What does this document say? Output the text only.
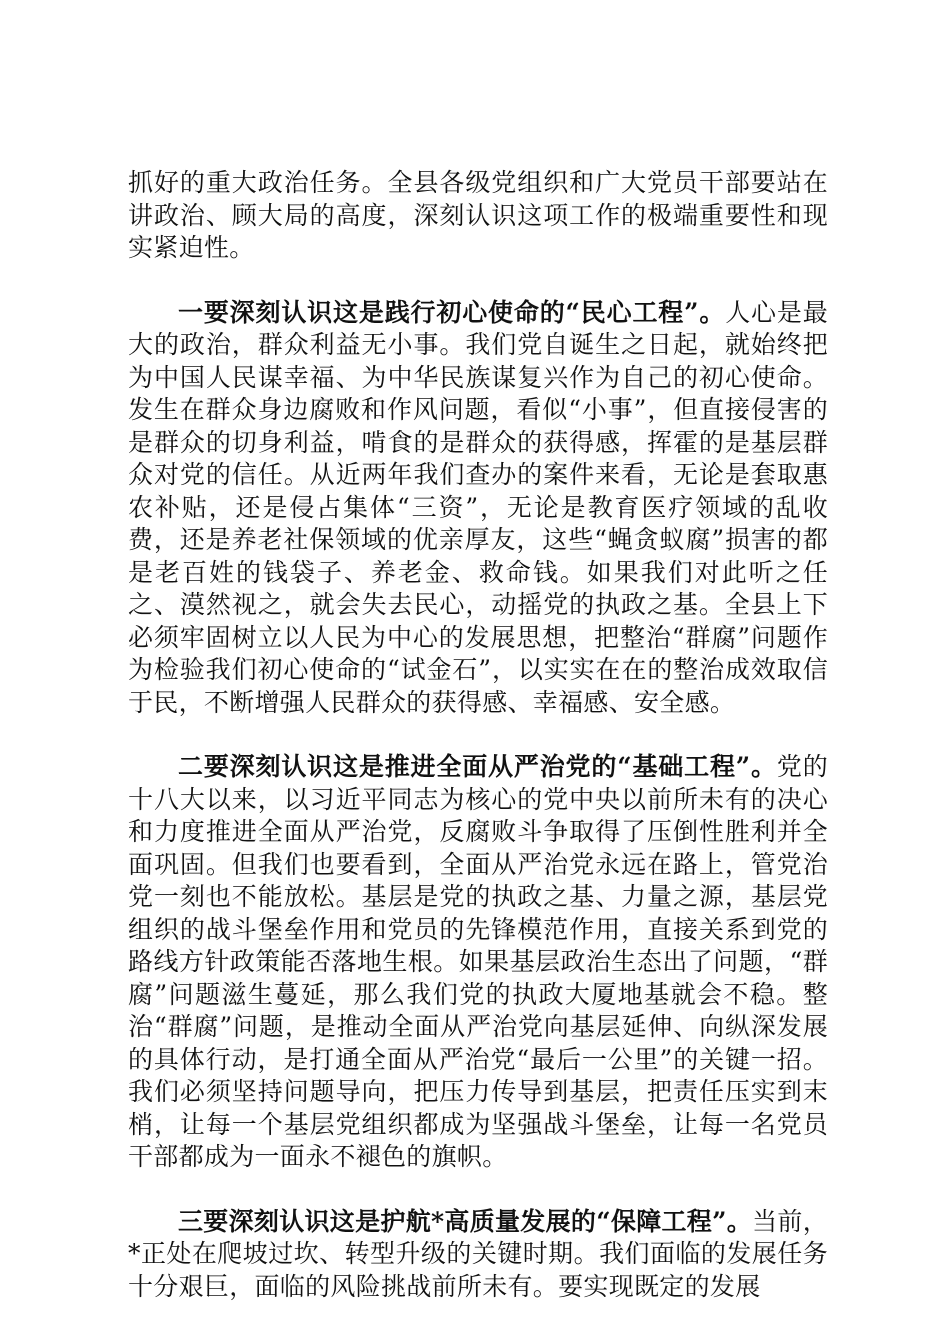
抓好的重大政治任务。全县各级党组织和广大党员干部要站在讲政治、顾大局的高度，深刻认识这项工作的极端重要性和现实紧迫性。

一要深刻认识这是践行初心使命的“民心工程”。人心是最大的政治，群众利益无小事。我们党自诞生之日起，就始终把为中国人民谋幸福、为中华民族谋复兴作为自己的初心使命。发生在群众身边腐败和作风问题，看似“小事”，但直接侵害的是群众的切身利益，啃食的是群众的获得感，挥霍的是基层群众对党的信任。从近两年我们查办的案件来看，无论是套取惠农补贴，还是侵占集体“三资”，无论是教育医疗领域的乱收费，还是养老社保领域的优亲厚友，这些“蝇贪蚁腐”损害的都是老百姓的钱袋子、养老金、救命钱。如果我们对此听之任之、漠然视之，就会失去民心，动摇党的执政之基。全县上下必须牢固树立以人民为中心的发展思想，把整治“群腐”问题作为检验我们初心使命的“试金石”，以实实在在的整治成效取信于民，不断增强人民群众的获得感、幸福感、安全感。

二要深刻认识这是推进全面从严治党的“基础工程”。党的十八大以来，以习近平同志为核心的党中央以前所未有的决心和力度推进全面从严治党，反腐败斗争取得了压倒性胜利并全面巩固。但我们也要看到，全面从严治党永远在路上，管党治党一刻也不能放松。基层是党的执政之基、力量之源，基层党组织的战斗堡垒作用和党员的先锋模范作用，直接关系到党的路线方针政策能否落地生根。如果基层政治生态出了问题，“群腐”问题滋生蔓延，那么我们党的执政大厦地基就会不稳。整治“群腐”问题，是推动全面从严治党向基层延伸、向纵深发展的具体行动，是打通全面从严治党“最后一公里”的关键一招。我们必须坚持问题导向，把压力传导到基层，把责任压实到末梢，让每一个基层党组织都成为坚强战斗堡垒，让每一名党员干部都成为一面永不褪色的旗帜。

三要深刻认识这是护航*高质量发展的“保障工程”。当前，*正处在爬坡过坎、转型升级的关键时期。我们面临的发展任务十分艰巨，面临的风险挑战前所未有。要实现既定的发展
